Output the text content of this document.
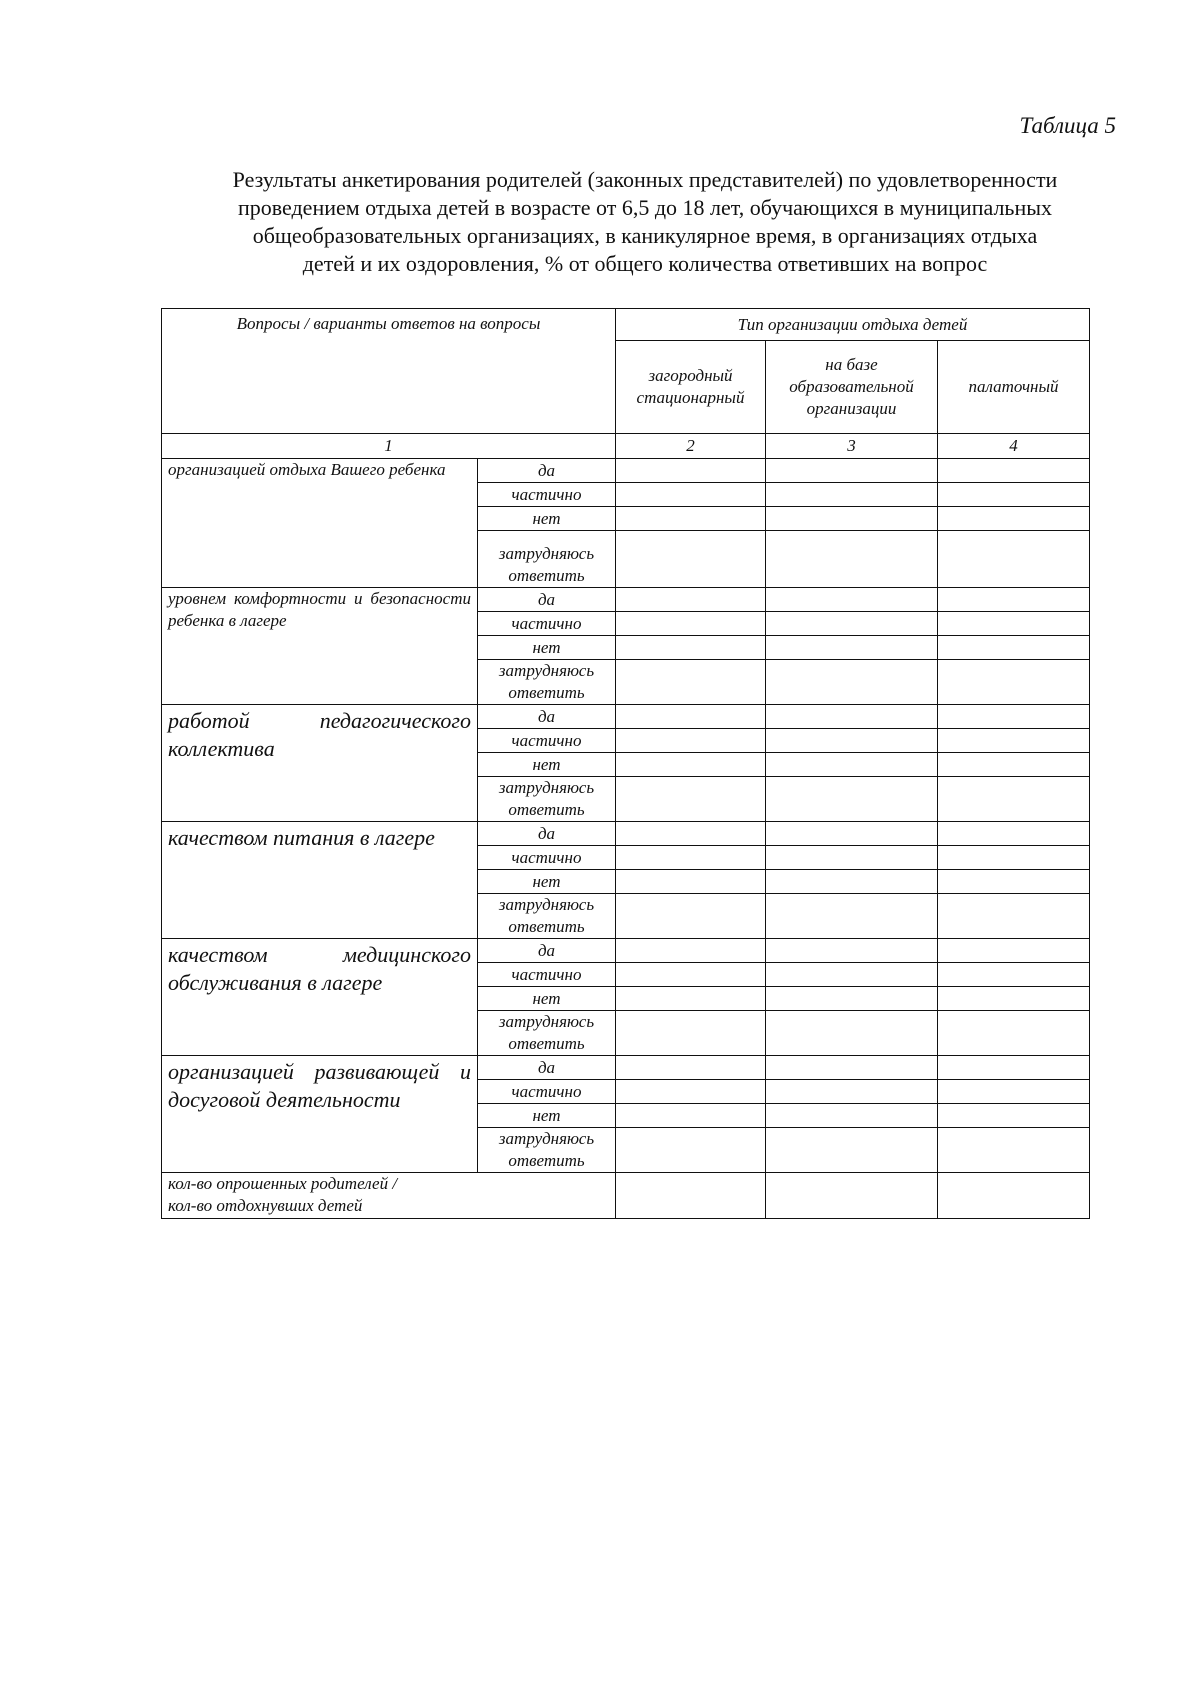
Таблица 5
Результаты анкетирования родителей (законных представителей) по удовлетворенности
проведением отдыха детей в возрасте от 6,5 до 18 лет, обучающихся в муниципальных
общеобразовательных организациях, в каникулярное время, в организациях отдыха
детей и их оздоровления, % от общего количества ответивших на вопрос
Вопросы / варианты ответов на вопросы		Тип организации отдыха детей		
		загородный стационарный	на базе образовательной организации	палаточный
1		2	3	4
организацией отдыха Вашего ребенка	да			
	частично			
	нет			
	затрудняюсь ответить			
уровнем комфортности и безопасности ребенка в лагере	да			
	частично			
	нет			
	затрудняюсь ответить			
работой педагогического коллектива	да			
	частично			
	нет			
	затрудняюсь ответить			
качеством питания в лагере	да			
	частично			
	нет			
	затрудняюсь ответить			
качеством медицинского обслуживания в лагере	да			
	частично			
	нет			
	затрудняюсь ответить			
организацией развивающей и досуговой деятельности	да			
	частично			
	нет			
	затрудняюсь ответить			

кол-во опрошенных родителей /
кол-во отдохнувших детей				
